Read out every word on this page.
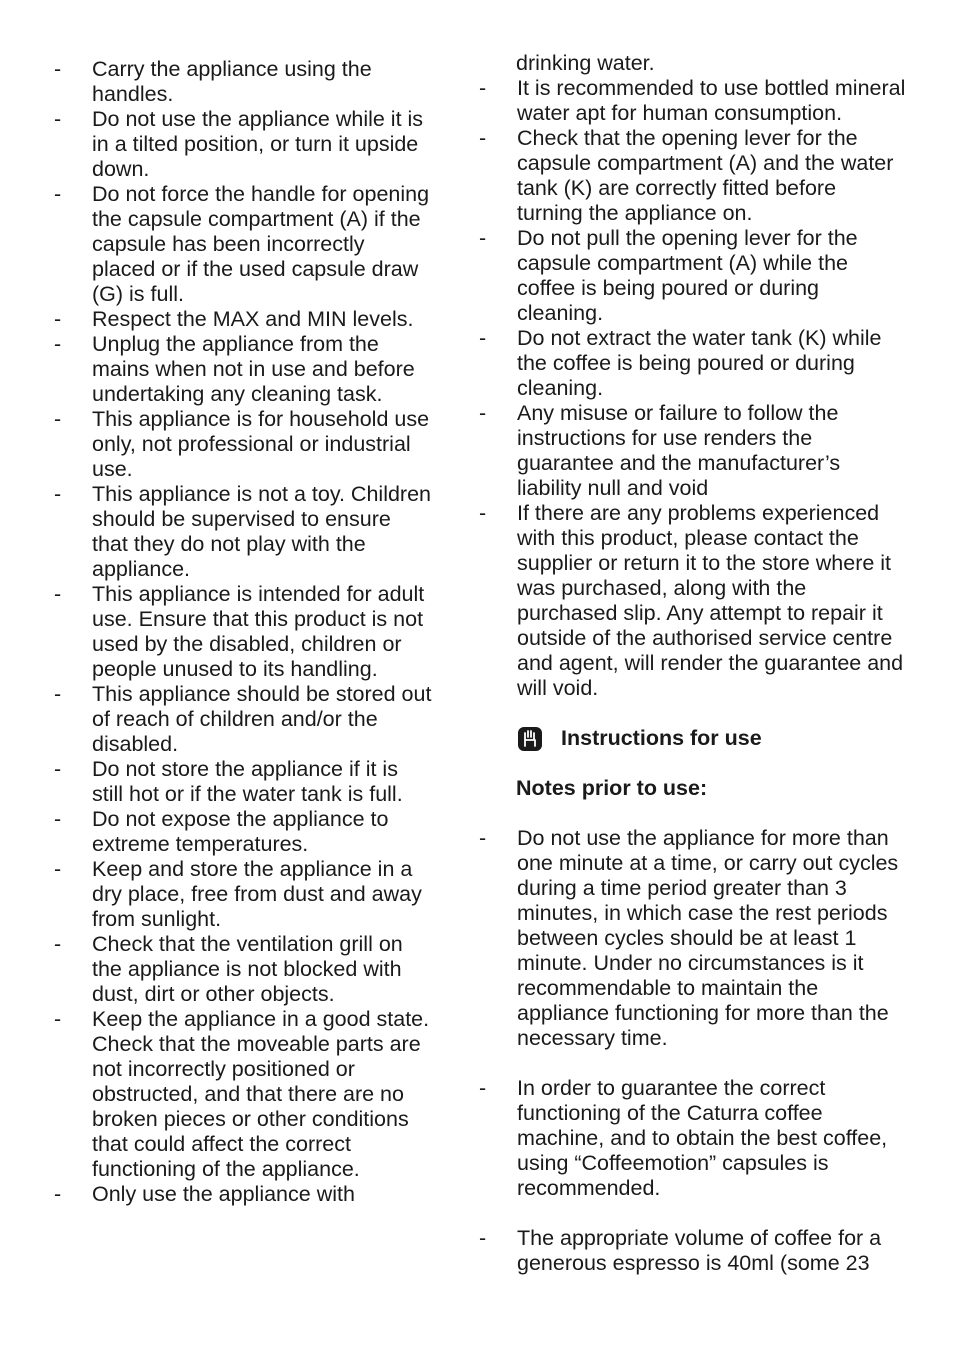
- Carry the appliance using the handles.
- Do not use the appliance while it is in a tilted position, or turn it upside down.
- Do not force the handle for opening the capsule compartment (A) if the capsule has been incorrectly placed or if the used capsule draw (G) is full.
- Respect the MAX and MIN levels.
- Unplug the appliance from the mains when not in use and before undertaking any cleaning task.
- This appliance is for household use only, not professional or industrial use.
- This appliance is not a toy. Children should be supervised to ensure that they do not play with the appliance.
- This appliance is intended for adult use. Ensure that this product is not used by the disabled, children or people unused to its handling.
- This appliance should be stored out of reach of children and/or the disabled.
- Do not store the appliance if it is still hot or if the water tank is full.
- Do not expose the appliance to extreme temperatures.
- Keep and store the appliance in a dry place, free from dust and away from sunlight.
- Check that the ventilation grill on the appliance is not blocked with dust, dirt or other objects.
- Keep the appliance in a good state. Check that the moveable parts are not incorrectly positioned or obstructed, and that there are no broken pieces or other conditions that could affect the correct functioning of the appliance.
- Only use the appliance with
drinking water.
- It is recommended to use bottled mineral water apt for human consumption.
- Check that the opening lever for the capsule compartment (A) and the water tank (K) are correctly fitted before turning the appliance on.
- Do not pull the opening lever for the capsule compartment (A) while the coffee is being poured or during cleaning.
- Do not extract the water tank (K) while the coffee is being poured or during cleaning.
- Any misuse or failure to follow the instructions for use renders the guarantee and the manufacturer’s liability null and void
- If there are any problems experienced with this product, please contact the supplier or return it to the store where it was purchased, along with the purchased slip. Any attempt to repair it outside of the authorised service centre and agent, will render the guarantee and will void.
Instructions for use
Notes prior to use:
- Do not use the appliance for more than one minute at a time, or carry out cycles during a time period greater than 3 minutes, in which case the rest periods between cycles should be at least 1 minute. Under no circumstances is it recommendable to maintain the appliance functioning for more than the necessary time.
- In order to guarantee the correct functioning of the Caturra coffee machine, and to obtain the best coffee, using “Coffeemotion” capsules is recommended.
- The appropriate volume of coffee for a generous espresso is 40ml (some 23
